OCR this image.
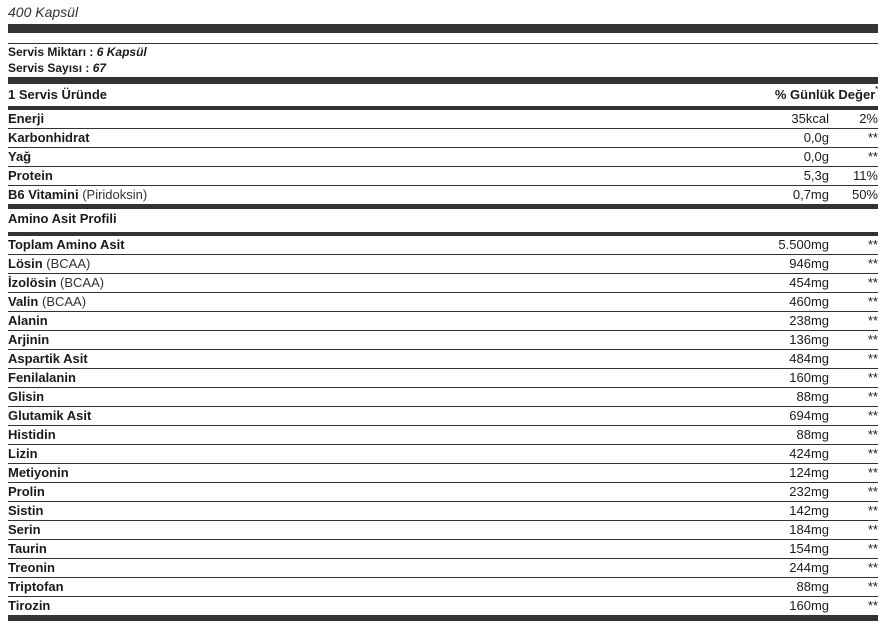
400 Kapsül
Servis Miktarı : 6 Kapsül
Servis Sayısı : 67
1 Servis Üründe	% Günlük Değer*
Enerji	35kcal	2%
Karbonhidrat	0,0g	**
Yağ	0,0g	**
Protein	5,3g	11%
B6 Vitamini (Piridoksin)	0,7mg	50%
Amino Asit Profili
Toplam Amino Asit	5.500mg	**
Lösin (BCAA)	946mg	**
İzolösin (BCAA)	454mg	**
Valin (BCAA)	460mg	**
Alanin	238mg	**
Arjinin	136mg	**
Aspartik Asit	484mg	**
Fenilalanin	160mg	**
Glisin	88mg	**
Glutamik Asit	694mg	**
Histidin	88mg	**
Lizin	424mg	**
Metiyonin	124mg	**
Prolin	232mg	**
Sistin	142mg	**
Serin	184mg	**
Taurin	154mg	**
Treonin	244mg	**
Triptofan	88mg	**
Tirozin	160mg	**
